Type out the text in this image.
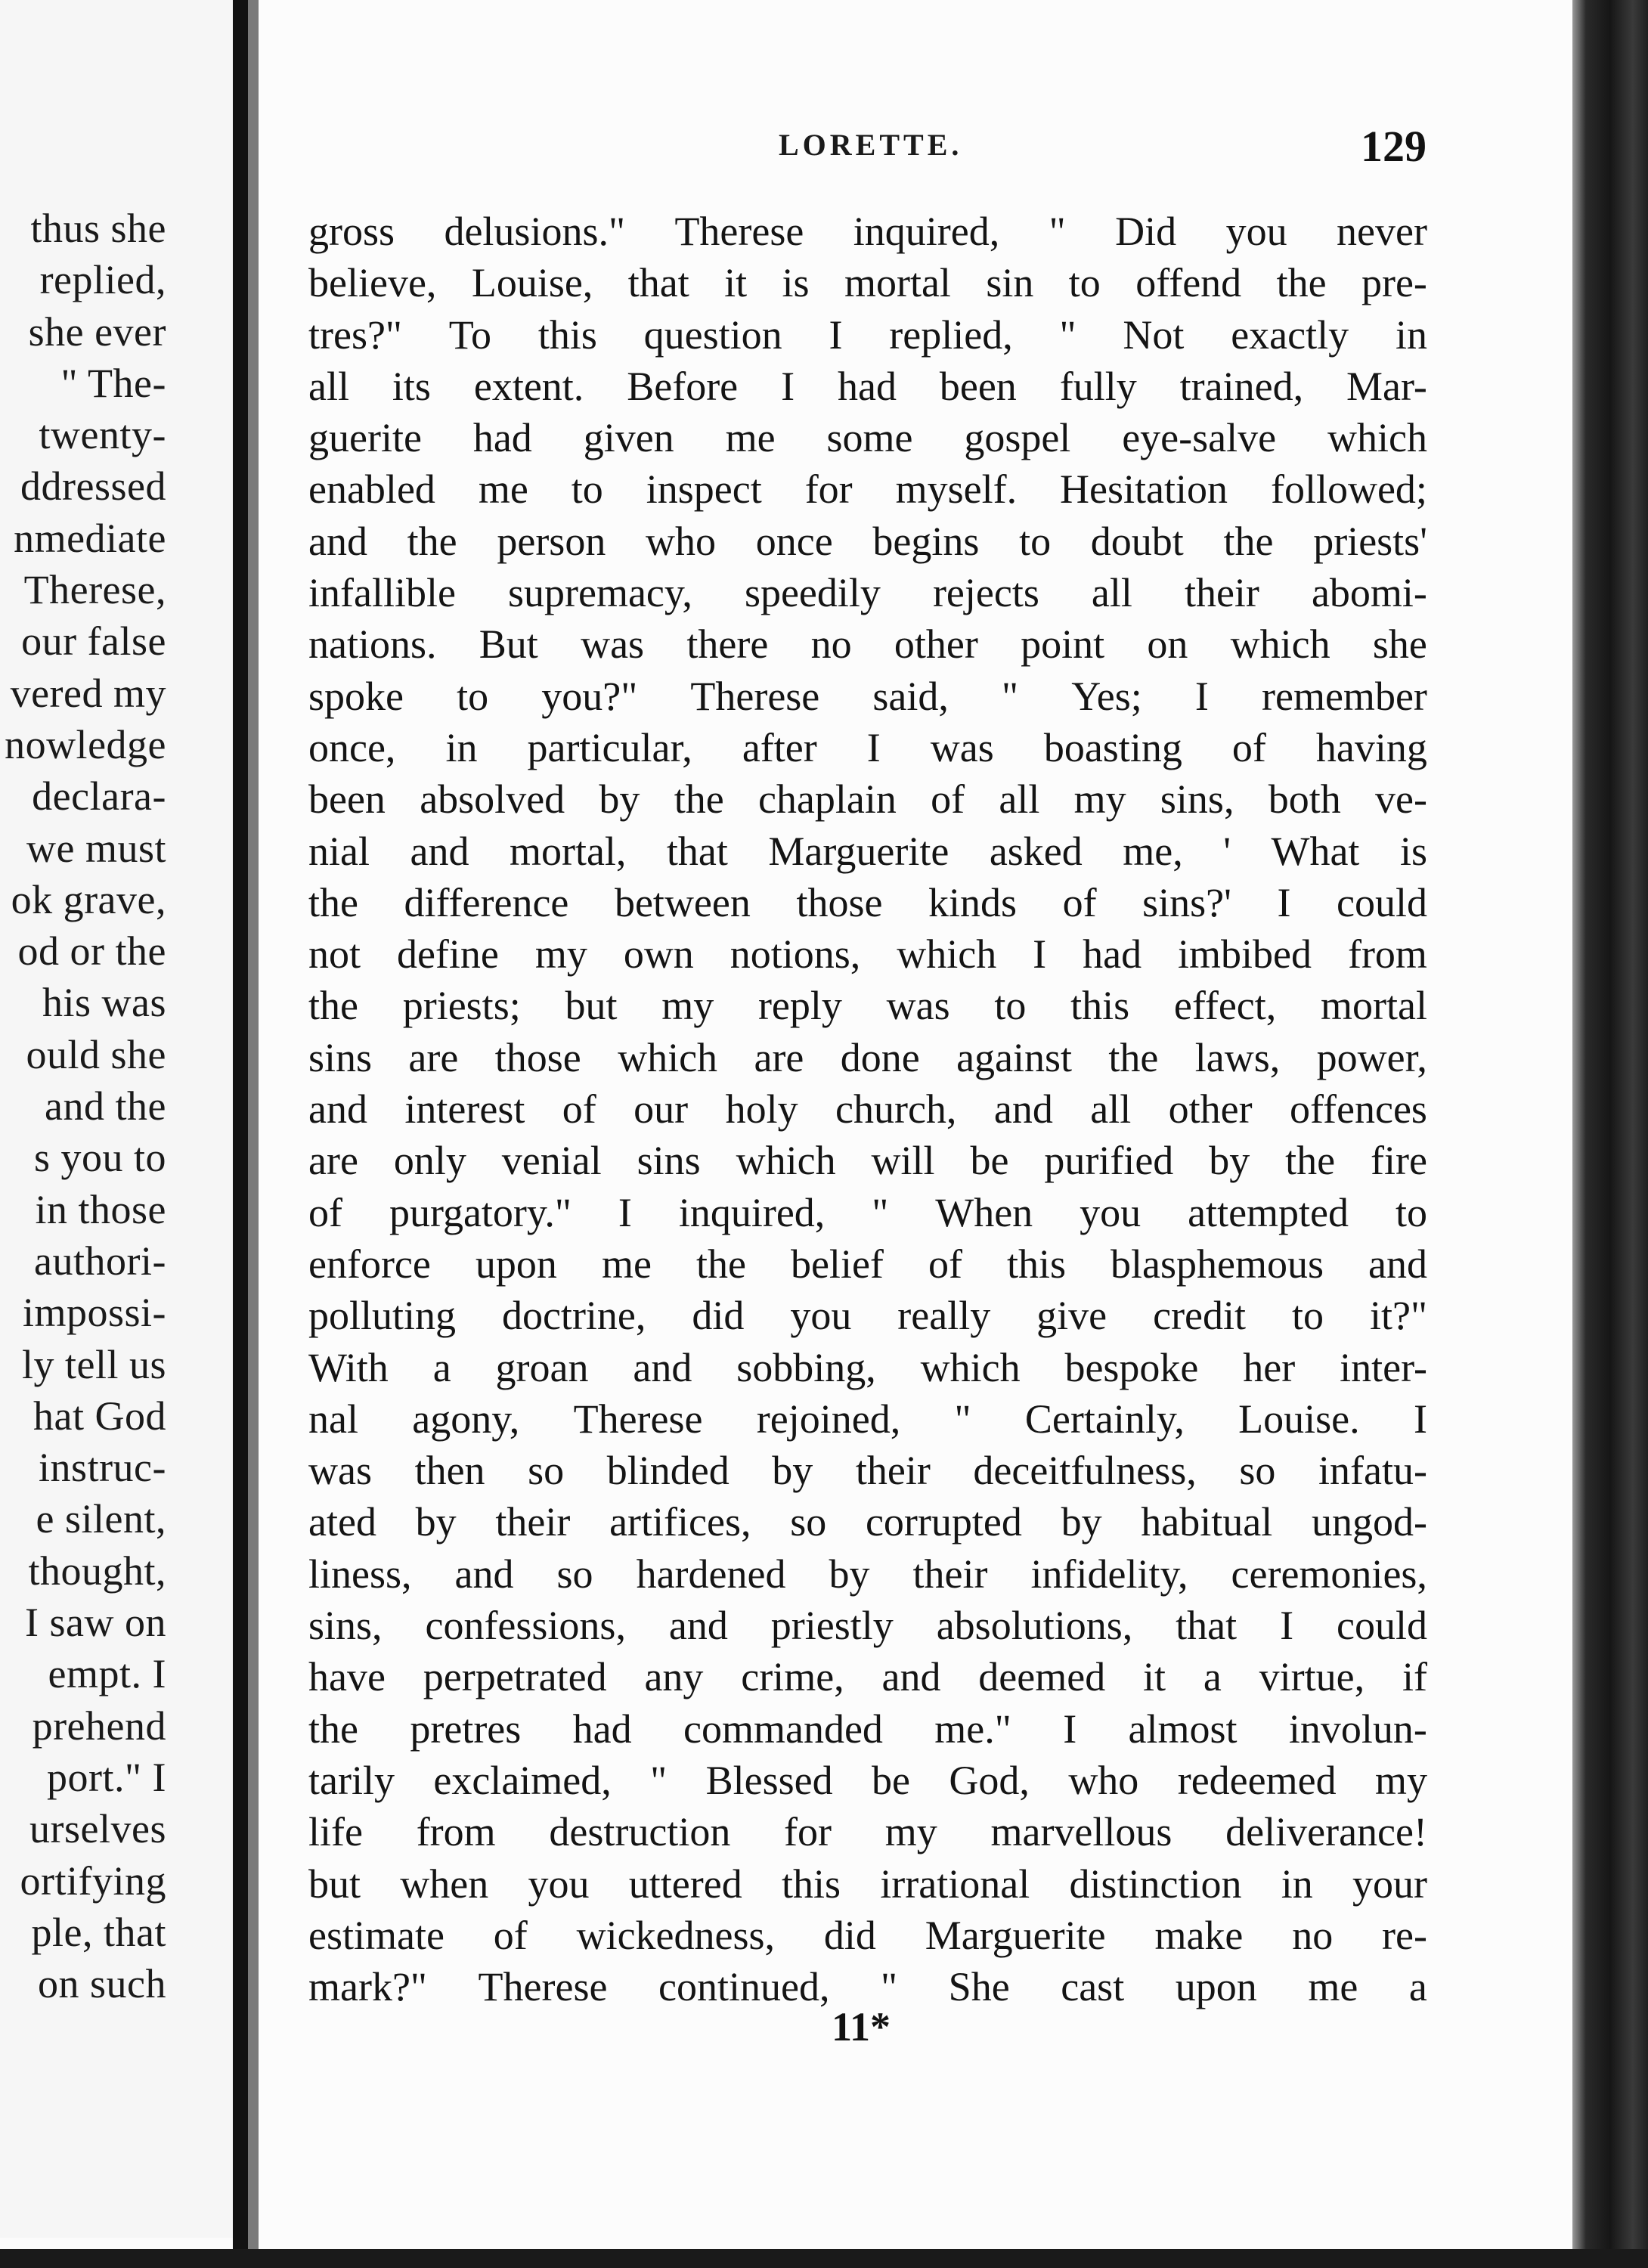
thus she
replied,
she ever
" The-
twenty-
ddressed
nmediate
Therese,
our false
vered my
nowledge
declara-
we must
ok grave,
od or the
his was
ould she
and the
s you to
in those
authori-
impossi-
ly tell us
hat God
instruc-
e silent,
thought,
I saw on
empt. I
prehend
port." I
urselves
ortifying
ple, that
on such
LORETTE.	129
gross delusions." Therese inquired, " Did you never
believe, Louise, that it is mortal sin to offend the pre-
tres?" To this question I replied, " Not exactly in
all its extent. Before I had been fully trained, Mar-
guerite had given me some gospel eye-salve which
enabled me to inspect for myself. Hesitation followed;
and the person who once begins to doubt the priests'
infallible supremacy, speedily rejects all their abomi-
nations. But was there no other point on which she
spoke to you?" Therese said, " Yes; I remember
once, in particular, after I was boasting of having
been absolved by the chaplain of all my sins, both ve-
nial and mortal, that Marguerite asked me, ' What is
the difference between those kinds of sins?' I could
not define my own notions, which I had imbibed from
the priests; but my reply was to this effect, mortal
sins are those which are done against the laws, power,
and interest of our holy church, and all other offences
are only venial sins which will be purified by the fire
of purgatory." I inquired, " When you attempted to
enforce upon me the belief of this blasphemous and
polluting doctrine, did you really give credit to it?"
With a groan and sobbing, which bespoke her inter-
nal agony, Therese rejoined, " Certainly, Louise. I
was then so blinded by their deceitfulness, so infatu-
ated by their artifices, so corrupted by habitual ungod-
liness, and so hardened by their infidelity, ceremonies,
sins, confessions, and priestly absolutions, that I could
have perpetrated any crime, and deemed it a virtue, if
the pretres had commanded me." I almost involun-
tarily exclaimed, " Blessed be God, who redeemed my
life from destruction for my marvellous deliverance!
but when you uttered this irrational distinction in your
estimate of wickedness, did Marguerite make no re-
mark?" Therese continued, " She cast upon me a
11*
